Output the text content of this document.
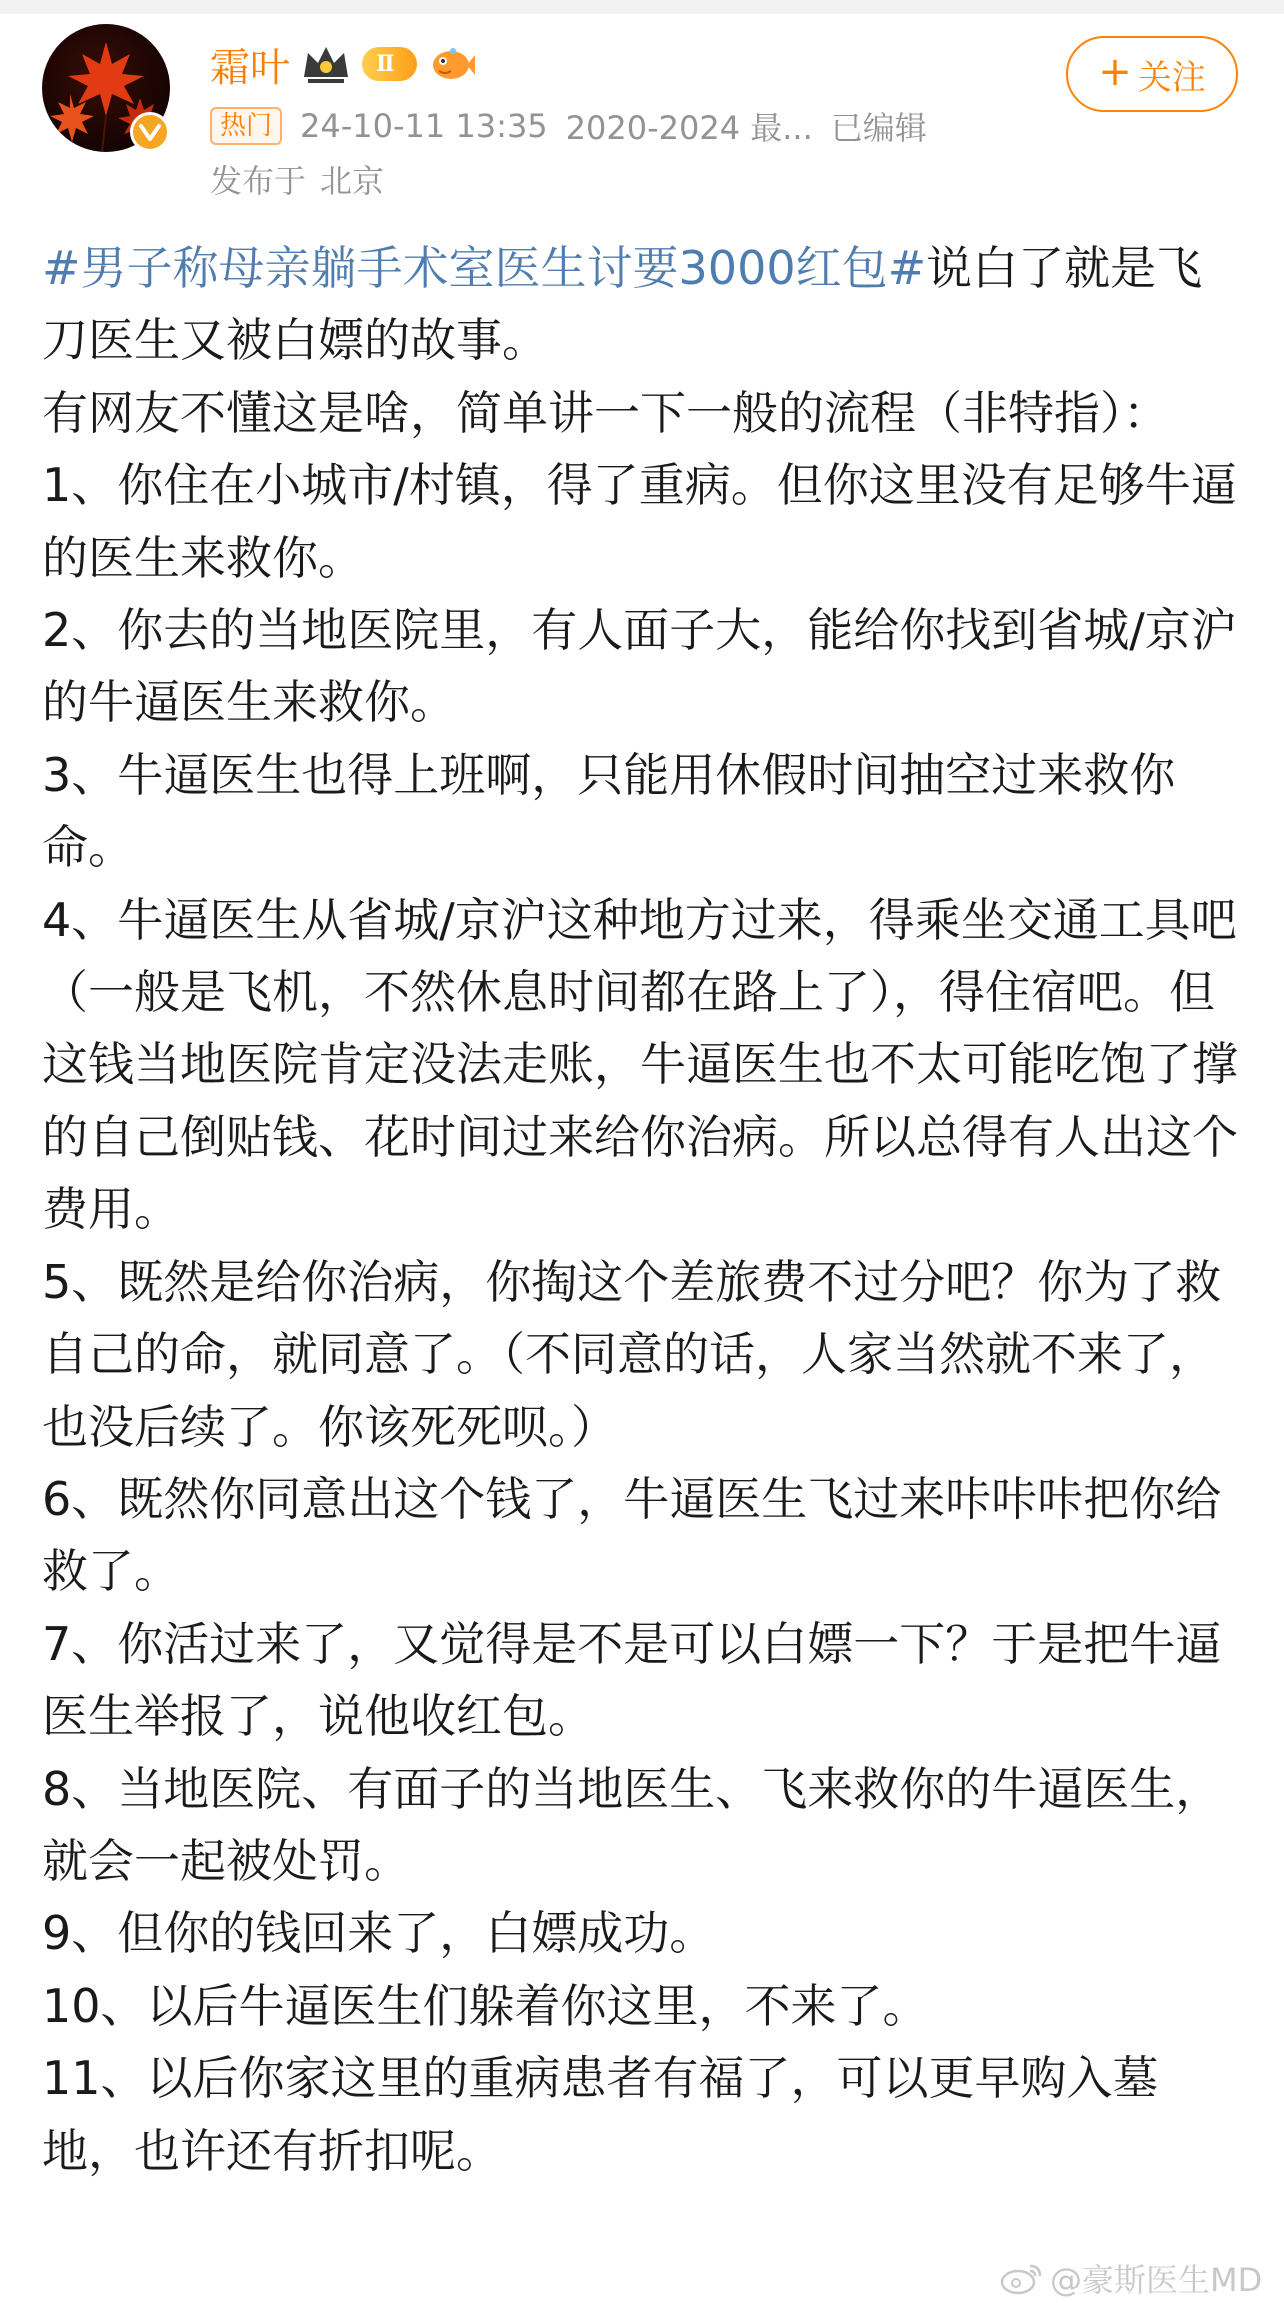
霜叶	Ⅱ
热门 24-10-11 13:35 2020-2024 最... 已编辑
发布于 北京
+ 关注

#男子称母亲躺手术室医生讨要3000红包#说白了就是飞刀医生又被白嫖的故事。

有网友不懂这是啥，简单讲一下一般的流程（非特指）：

1、你住在小城市/村镇，得了重病。但你这里没有足够牛逼的医生来救你。

2、你去的当地医院里，有人面子大，能给你找到省城/京沪的牛逼医生来救你。

3、牛逼医生也得上班啊，只能用休假时间抽空过来救你命。

4、牛逼医生从省城/京沪这种地方过来，得乘坐交通工具吧（一般是飞机，不然休息时间都在路上了），得住宿吧。但这钱当地医院肯定没法走账，牛逼医生也不太可能吃饱了撑的自己倒贴钱、花时间过来给你治病。所以总得有人出这个费用。

5、既然是给你治病，你掏这个差旅费不过分吧？你为了救自己的命，就同意了。（不同意的话，人家当然就不来了，也没后续了。你该死死呗。）

6、既然你同意出这个钱了，牛逼医生飞过来咔咔咔把你给救了。

7、你活过来了，又觉得是不是可以白嫖一下？于是把牛逼医生举报了，说他收红包。

8、当地医院、有面子的当地医生、飞来救你的牛逼医生，就会一起被处罚。

9、但你的钱回来了，白嫖成功。

10、以后牛逼医生们躲着你这里，不来了。

11、以后你家这里的重病患者有福了，可以更早购入墓地，也许还有折扣呢。

@豪斯医生MD
